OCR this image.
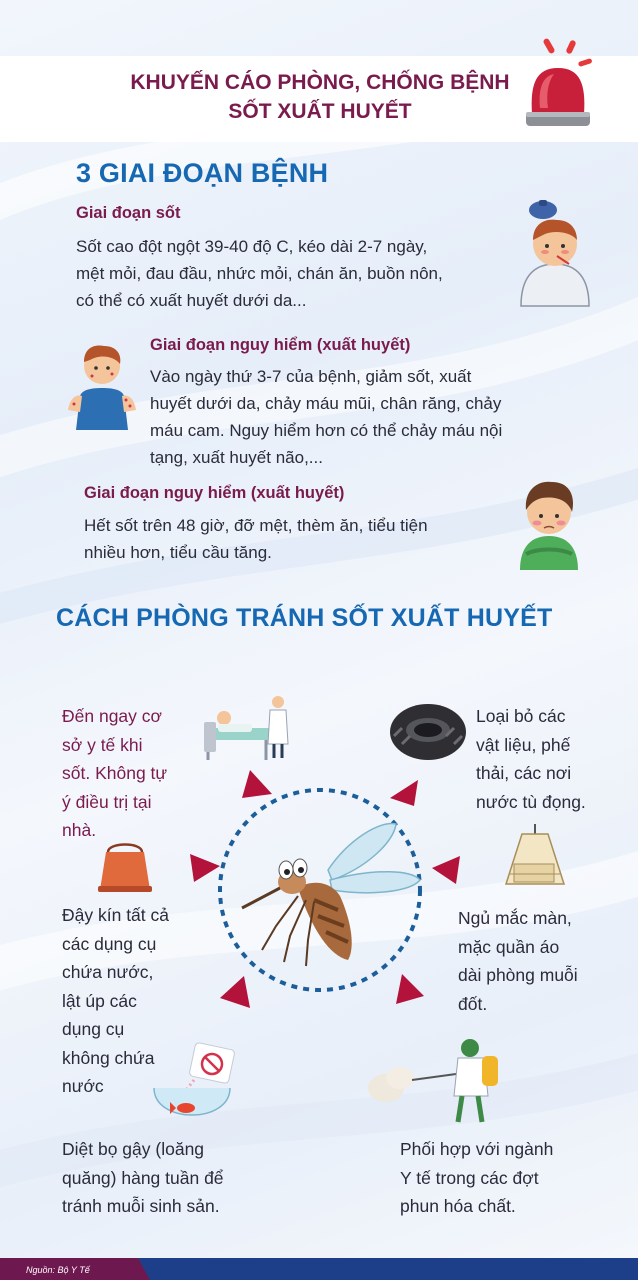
KHUYẾN CÁO PHÒNG, CHỐNG BỆNH
SỐT XUẤT HUYẾT
3 GIAI ĐOẠN BỆNH
Giai đoạn sốt
Sốt cao đột ngột 39-40 độ C, kéo dài 2-7 ngày,
mệt mỏi, đau đầu, nhức mỏi, chán ăn, buồn nôn,
có thể có xuất huyết dưới da...
Giai đoạn nguy hiểm (xuất huyết)
Vào ngày thứ 3-7 của bệnh, giảm sốt, xuất
huyết dưới da, chảy máu mũi, chân răng, chảy
máu cam. Nguy hiểm hơn có thể chảy máu nội
tạng, xuất huyết não,...
Giai đoạn nguy hiểm (xuất huyết)
Hết sốt trên 48 giờ, đỡ mệt, thèm ăn, tiểu tiện
nhiều hơn, tiểu cầu tăng.
CÁCH PHÒNG TRÁNH SỐT XUẤT HUYẾT
Đến ngay cơ
sở y tế khi
sốt. Không tự
ý điều trị tại
nhà.
Loại bỏ các
vật liệu, phế
thải, các nơi
nước tù đọng.
Đậy kín tất cả
các dụng cụ
chứa nước,
lật úp các
dụng cụ
không chứa
nước
Ngủ mắc màn,
mặc quần áo
dài phòng muỗi
đốt.
Diệt bọ gậy (loăng
quăng) hàng tuần để
tránh muỗi sinh sản.
Phối hợp với ngành
Y tế trong các đợt
phun hóa chất.
Nguồn: Bộ Y Tế
